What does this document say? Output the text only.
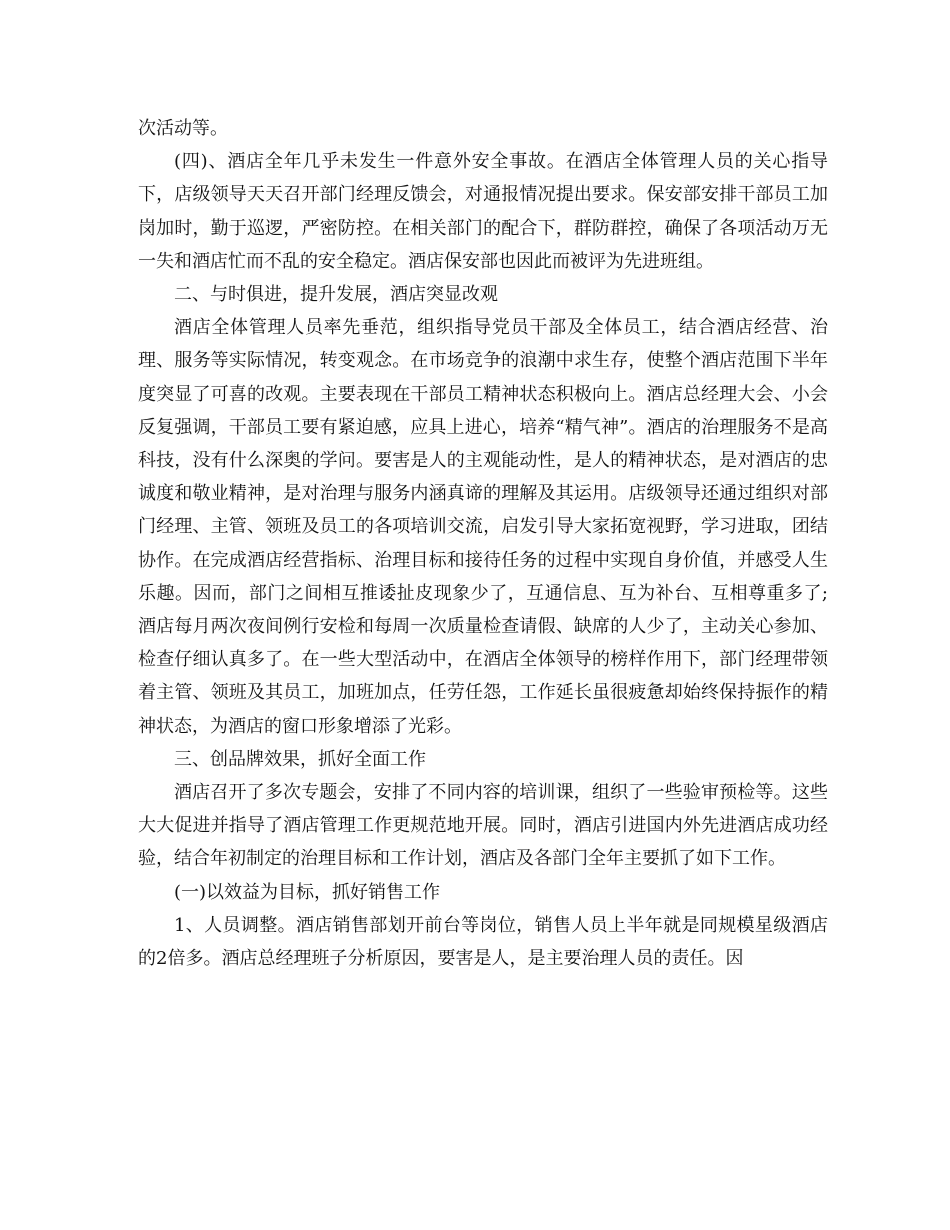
次活动等。

(四)、酒店全年几乎未发生一件意外安全事故。在酒店全体管理人员的关心指导下，店级领导天天召开部门经理反馈会，对通报情况提出要求。保安部安排干部员工加岗加时，勤于巡逻，严密防控。在相关部门的配合下，群防群控，确保了各项活动万无一失和酒店忙而不乱的安全稳定。酒店保安部也因此而被评为先进班组。

二、与时俱进，提升发展，酒店突显改观

酒店全体管理人员率先垂范，组织指导党员干部及全体员工，结合酒店经营、治理、服务等实际情况，转变观念。在市场竞争的浪潮中求生存，使整个酒店范围下半年度突显了可喜的改观。主要表现在干部员工精神状态积极向上。酒店总经理大会、小会反复强调，干部员工要有紧迫感，应具上进心，培养“精气神”。酒店的治理服务不是高科技，没有什么深奥的学问。要害是人的主观能动性，是人的精神状态，是对酒店的忠诚度和敬业精神，是对治理与服务内涵真谛的理解及其运用。店级领导还通过组织对部门经理、主管、领班及员工的各项培训交流，启发引导大家拓宽视野，学习进取，团结协作。在完成酒店经营指标、治理目标和接待任务的过程中实现自身价值，并感受人生乐趣。因而，部门之间相互推诿扯皮现象少了，互通信息、互为补台、互相尊重多了;酒店每月两次夜间例行安检和每周一次质量检查请假、缺席的人少了，主动关心参加、检查仔细认真多了。在一些大型活动中，在酒店全体领导的榜样作用下，部门经理带领着主管、领班及其员工，加班加点，任劳任怨，工作延长虽很疲惫却始终保持振作的精神状态，为酒店的窗口形象增添了光彩。

三、创品牌效果，抓好全面工作

酒店召开了多次专题会，安排了不同内容的培训课，组织了一些验审预检等。这些大大促进并指导了酒店管理工作更规范地开展。同时，酒店引进国内外先进酒店成功经验，结合年初制定的治理目标和工作计划，酒店及各部门全年主要抓了如下工作。

(一)以效益为目标，抓好销售工作

1、人员调整。酒店销售部划开前台等岗位，销售人员上半年就是同规模星级酒店的2倍多。酒店总经理班子分析原因，要害是人，是主要治理人员的责任。因
